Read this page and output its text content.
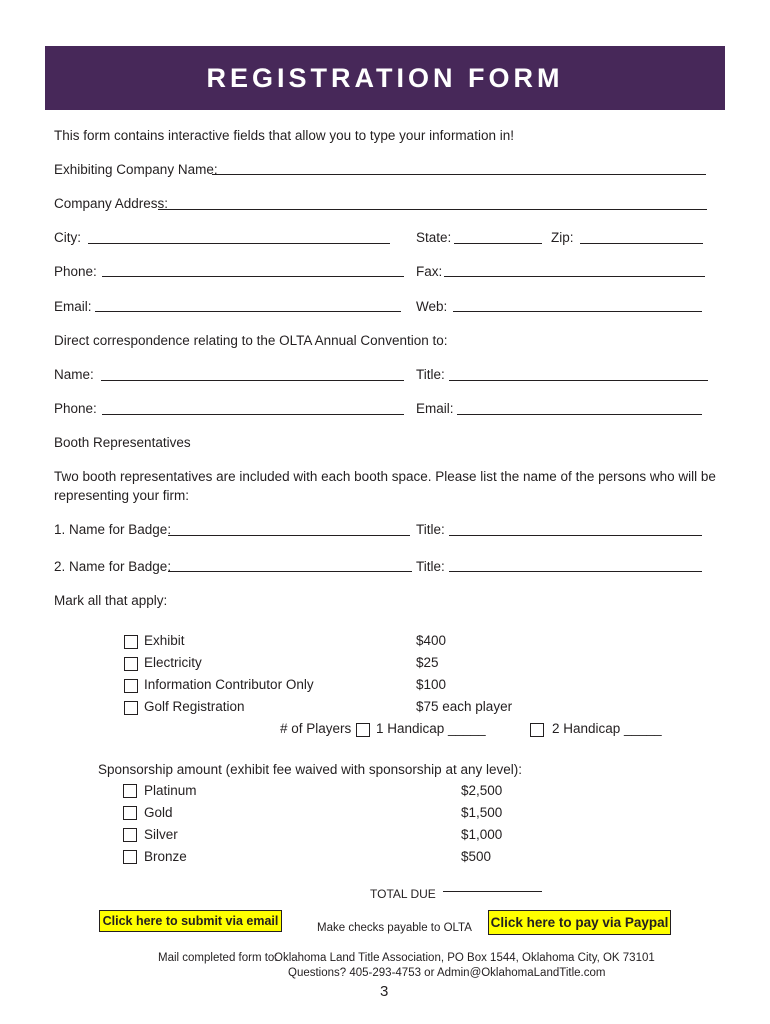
REGISTRATION FORM
This form contains interactive fields that allow you to type your information in!
Exhibiting Company Name:
Company Address:
City:	State:	Zip:
Phone:	Fax:
Email:	Web:
Direct correspondence relating to the OLTA Annual Convention to:
Name:	Title:
Phone:	Email:
Booth Representatives
Two booth representatives are included with each booth space. Please list the name of the persons who will be
representing your firm:
1. Name for Badge:	Title:
2. Name for Badge:	Title:
Mark all that apply:
Exhibit	$400
Electricity	$25
Information Contributor Only	$100
Golf Registration	$75 each player
# of Players 1 Handicap _____	2 Handicap _____
Sponsorship amount (exhibit fee waived with sponsorship at any level):
Platinum	$2,500
Gold	$1,500
Silver	$1,000
Bronze	$500
TOTAL DUE
Click here to submit via email	Make checks payable to OLTA Click here to pay via Paypal
Mail completed form to:
Oklahoma Land Title Association, PO Box 1544, Oklahoma City, OK 73101
Questions? 405-293-4753 or Admin@OklahomaLandTitle.com
3
